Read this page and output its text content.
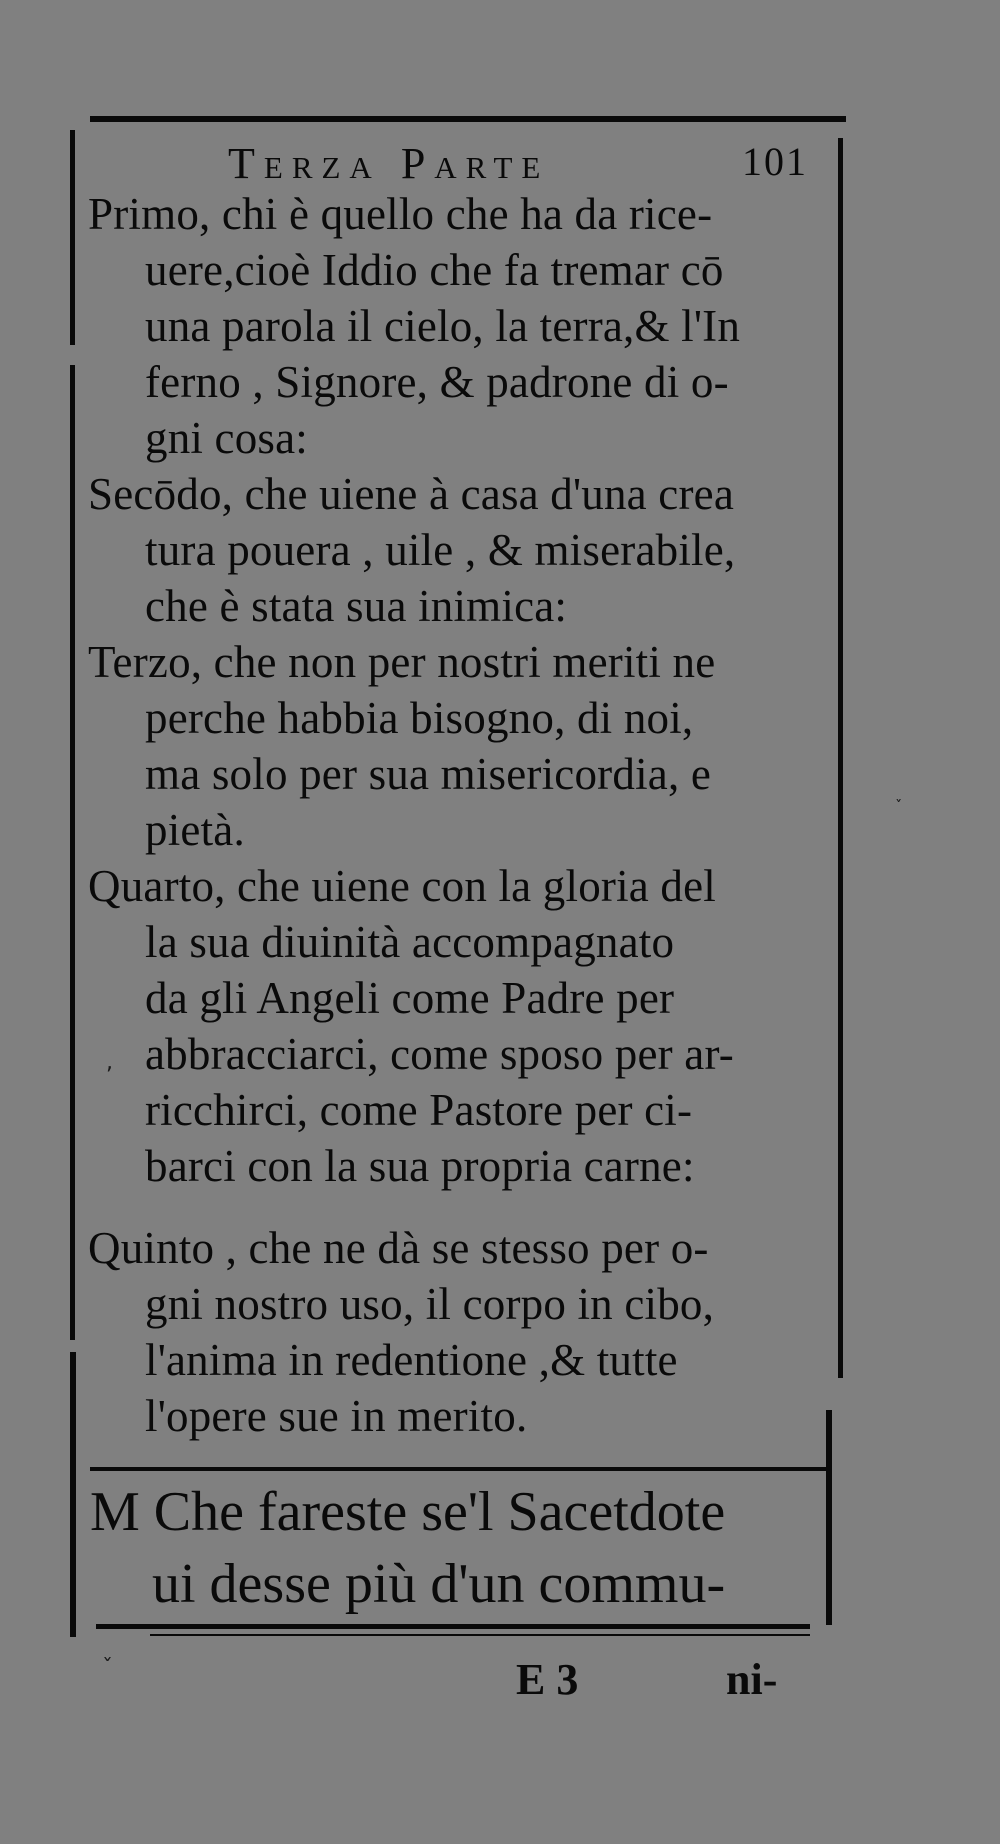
Terza Parte	101
Primo, chi è quello che ha da rice-
uere,cioè Iddio che fa tremar cō
una parola il cielo, la terra,& l'In
ferno , Signore, & padrone di o-
gni cosa:
Secōdo, che uiene à casa d'una crea
tura pouera , uile , & miserabile,
che è stata sua inimica:
Terzo, che non per nostri meriti ne
perche habbia bisogno, di noi,
ma solo per sua misericordia, e
pietà.
Quarto, che uiene con la gloria del
la sua diuinità accompagnato
da gli Angeli come Padre per
abbracciarci, come sposo per ar-
ricchirci, come Pastore per ci-
barci con la sua propria carne:
Quinto , che ne dà se stesso per o-
gni nostro uso, il corpo in cibo,
l'anima in redentione ,& tutte
l'opere sue in merito.
M Che fareste se'l Sacetdote
ui desse più d'un commu-
E 3	ni-
˯
,
ˇ
